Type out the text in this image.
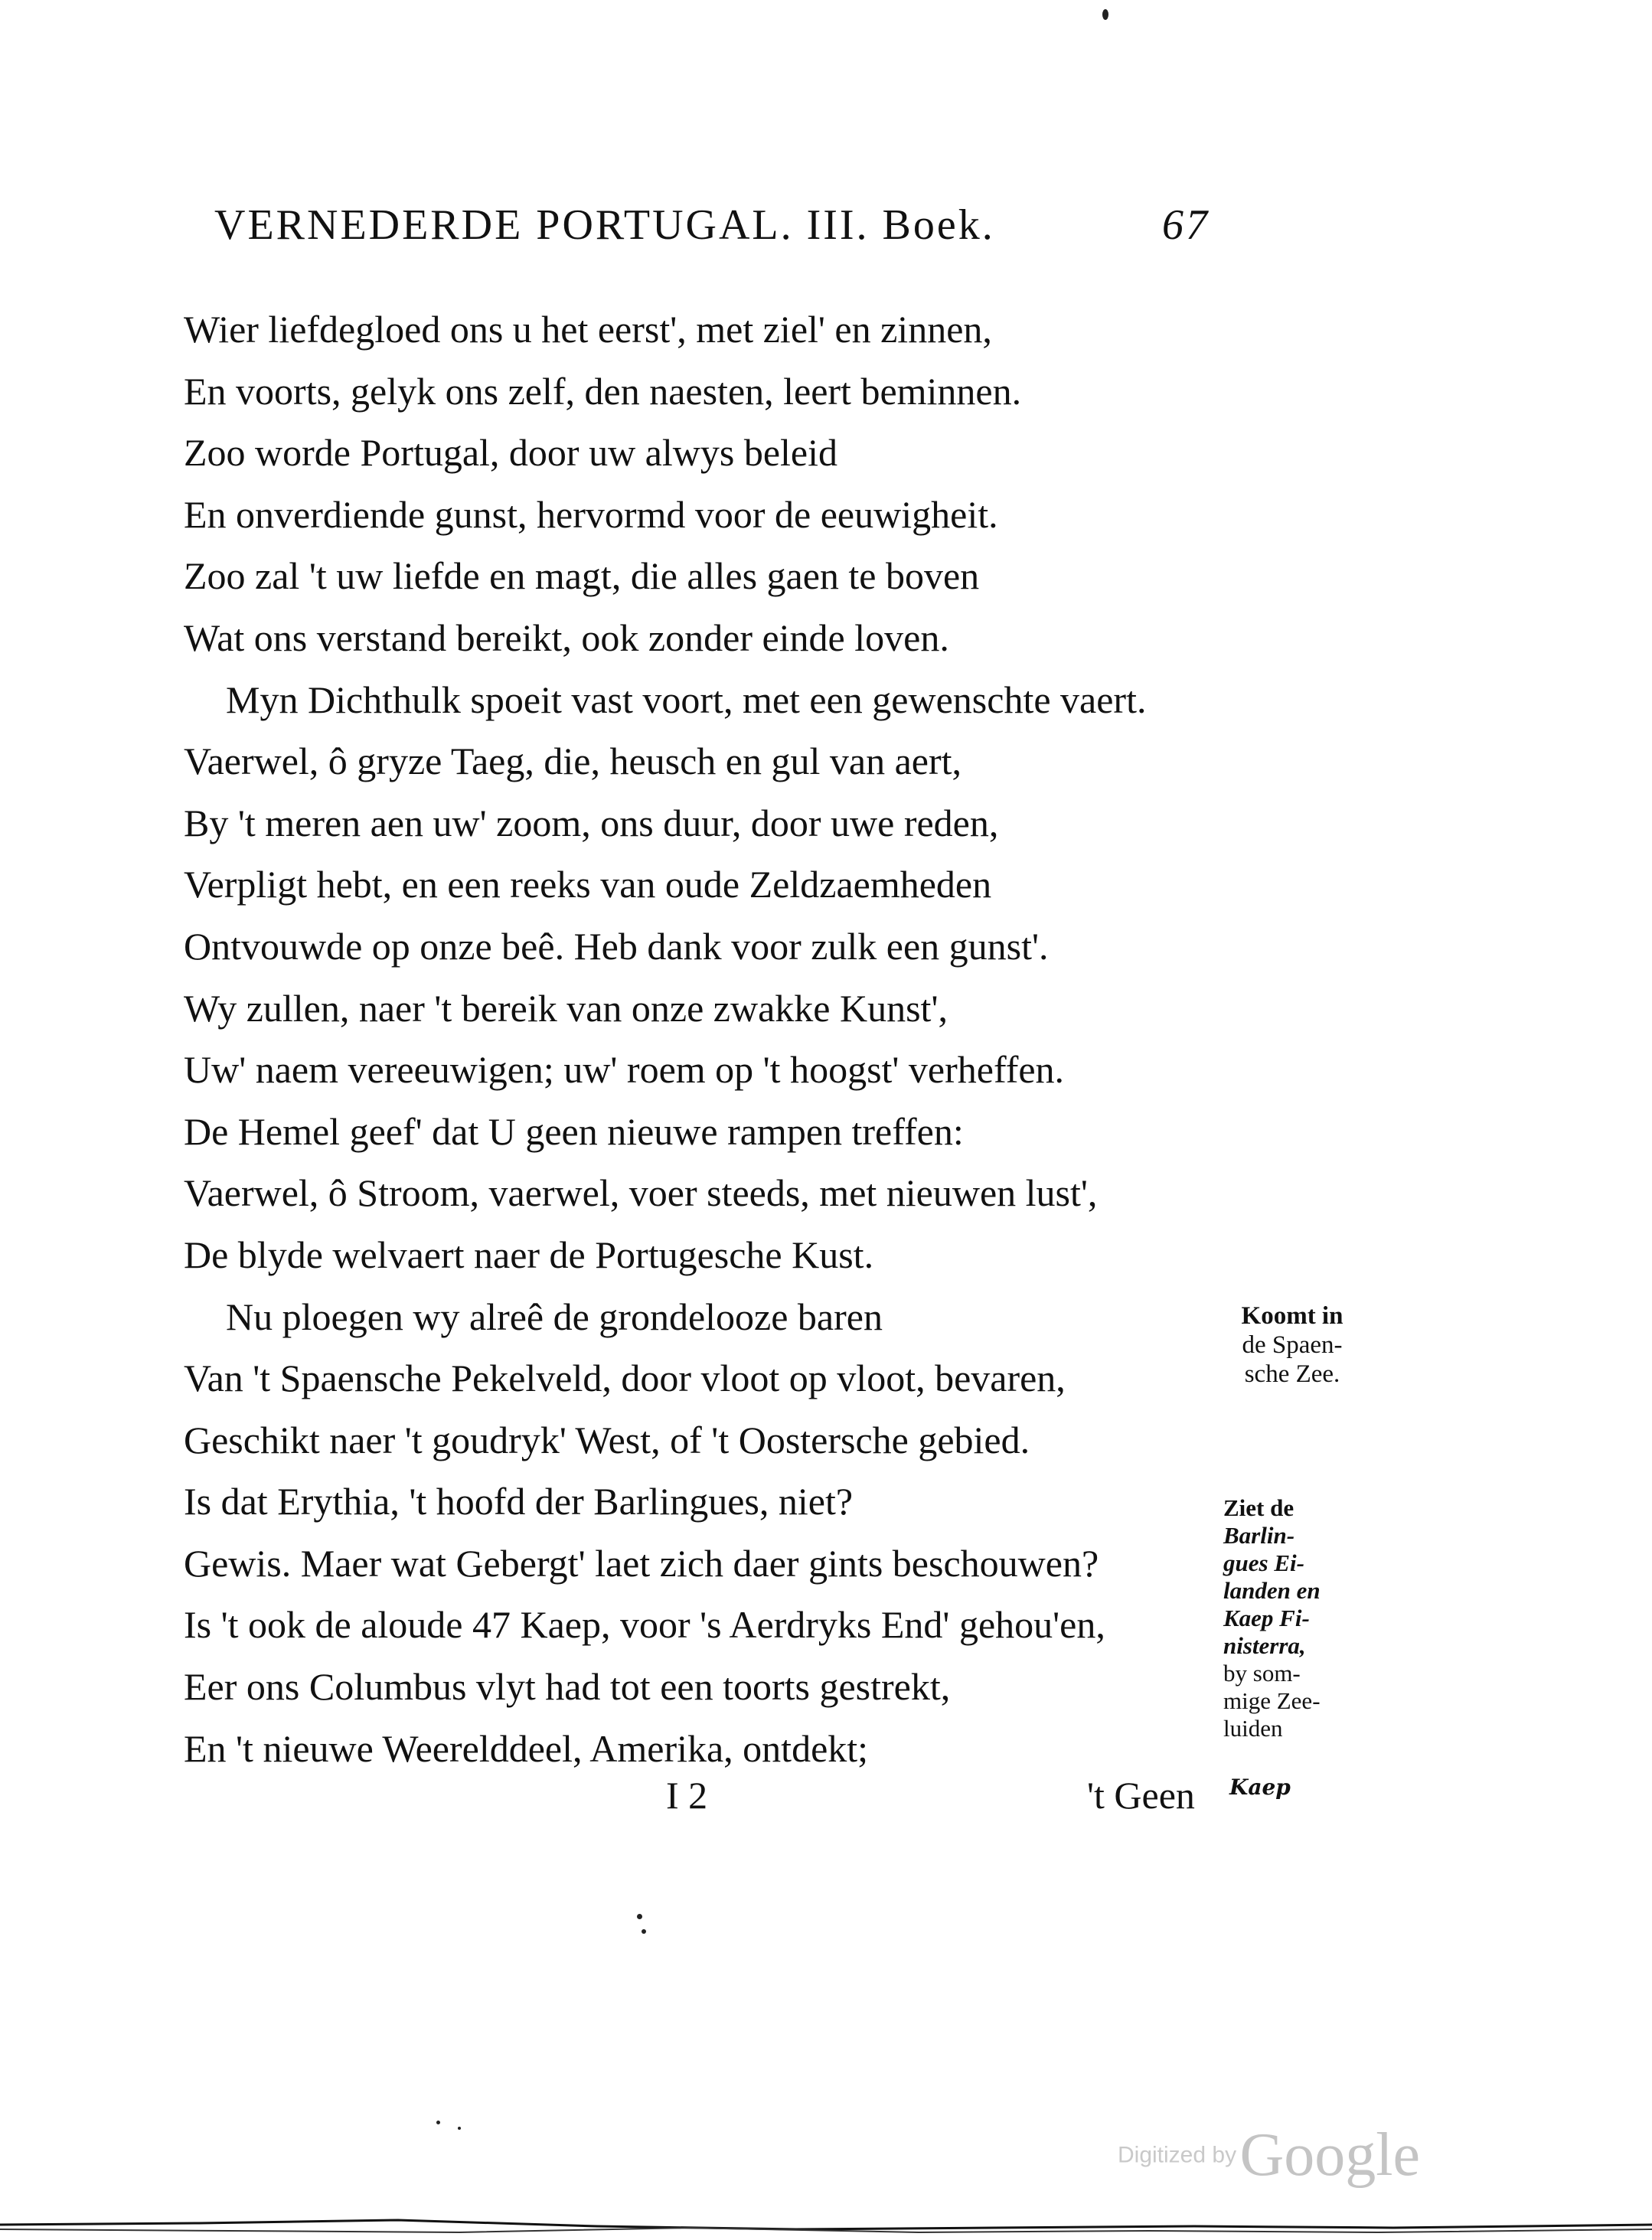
VERNEDERDE PORTUGAL. III. Boek.	67
Wier liefdegloed ons u het eerst', met ziel' en zinnen,
En voorts, gelyk ons zelf, den naesten, leert beminnen.
Zoo worde Portugal, door uw alwys beleid
En onverdiende gunst, hervormd voor de eeuwigheit.
Zoo zal 't uw liefde en magt, die alles gaen te boven
Wat ons verstand bereikt, ook zonder einde loven.
Myn Dichthulk spoeit vast voort, met een gewenschte vaert.
Vaerwel, ô gryze Taeg, die, heusch en gul van aert,
By 't meren aen uw' zoom, ons duur, door uwe reden,
Verpligt hebt, en een reeks van oude Zeldzaemheden
Ontvouwde op onze beê. Heb dank voor zulk een gunst'.
Wy zullen, naer 't bereik van onze zwakke Kunst',
Uw' naem vereeuwigen; uw' roem op 't hoogst' verheffen.
De Hemel geef' dat U geen nieuwe rampen treffen:
Vaerwel, ô Stroom, vaerwel, voer steeds, met nieuwen lust',
De blyde welvaert naer de Portugesche Kust.
Nu ploegen wy alreê de grondelooze baren
Van 't Spaensche Pekelveld, door vloot op vloot, bevaren,
Geschikt naer 't goudryk' West, of 't Oostersche gebied.
Is dat Erythia, 't hoofd der Barlingues, niet?
Gewis. Maer wat Gebergt' laet zich daer gints beschouwen?
Is 't ook de aloude 47 Kaep, voor 's Aerdryks End' gehou'en,
Eer ons Columbus vlyt had tot een toorts gestrekt,
En 't nieuwe Weerelddeel, Amerika, ontdekt;
Koomt in
de Spaen-
sche Zee.
Ziet de
Barlin-
gues Ei-
landen en
Kaep Fi-
nisterra,
by som-
mige Zee-
luiden
I 2	't Geen Kaep
Digitized by Google
